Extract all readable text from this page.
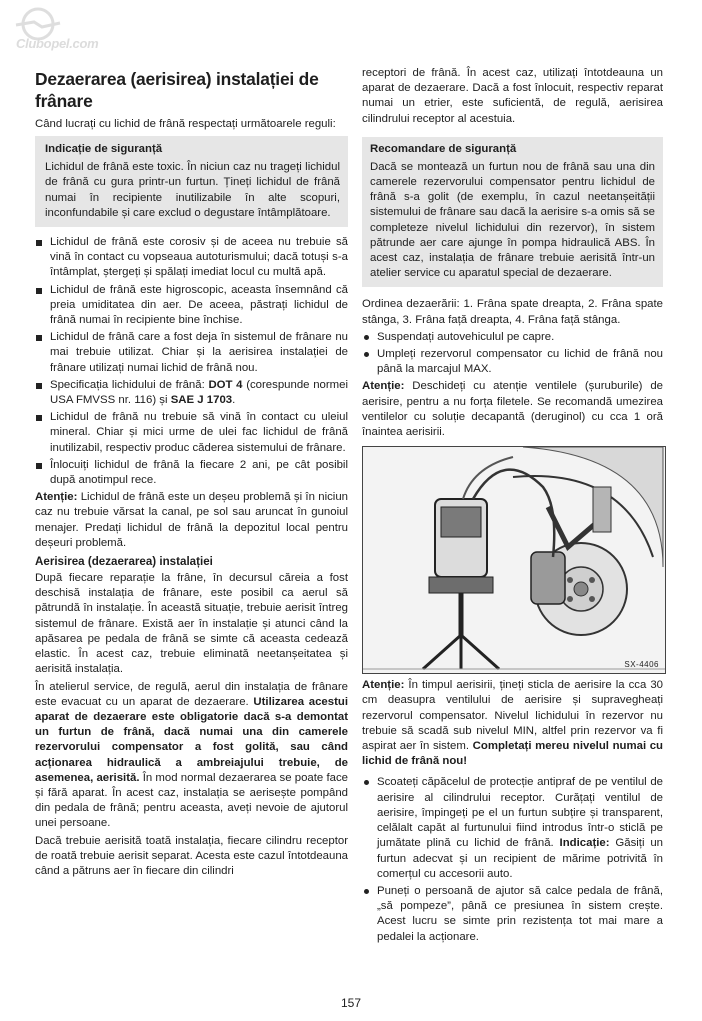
Clubopel.com
Dezaerarea (aerisirea) instalației de frânare

Când lucrați cu lichid de frână respectați următoarele reguli:

Indicație de siguranță

Lichidul de frână este toxic. În niciun caz nu trageți lichidul de frână cu gura printr-un furtun. Țineți lichidul de frână numai în recipiente inutilizabile în alte scopuri, inconfundabile și care exclud o degustare întâmplătoare.

Lichidul de frână este corosiv și de aceea nu trebuie să vină în contact cu vopseaua autoturismului; dacă totuși s-a întâmplat, ștergeți și spălați imediat locul cu multă apă.
Lichidul de frână este higroscopic, aceasta însemnând că preia umiditatea din aer. De aceea, păstrați lichidul de frână numai în recipiente bine închise.
Lichidul de frână care a fost deja în sistemul de frânare nu mai trebuie utilizat. Chiar și la aerisirea instalației de frânare utilizați numai lichid de frână nou.
Specificația lichidului de frână: DOT 4 (corespunde normei USA FMVSS nr. 116) și SAE J 1703.
Lichidul de frână nu trebuie să vină în contact cu uleiul mineral. Chiar și mici urme de ulei fac lichidul de frână inutilizabil, respectiv produc căderea sistemului de frânare.
Înlocuiți lichidul de frână la fiecare 2 ani, pe cât posibil după anotimpul rece.

Atenție: Lichidul de frână este un deșeu problemă și în niciun caz nu trebuie vărsat la canal, pe sol sau aruncat în gunoiul menajer. Predați lichidul de frână la depozitul local pentru deșeuri problemă.

Aerisirea (dezaerarea) instalației

După fiecare reparație la frâne, în decursul căreia a fost deschisă instalația de frânare, este posibil ca aerul să pătrundă în instalație. În această situație, trebuie aerisit întreg sistemul de frânare. Există aer în instalație și atunci când la apăsarea pe pedala de frână se simte că aceasta cedează elastic. În acest caz, trebuie eliminată neetanșeitatea și aerisită instalația.

În atelierul service, de regulă, aerul din instalația de frânare este evacuat cu un aparat de dezaerare. Utilizarea acestui aparat de dezaerare este obligatorie dacă s-a demontat un furtun de frână, dacă numai una din camerele rezervorului compensator a fost golită, sau când acționarea hidraulică a ambreiajului trebuie, de asemenea, aerisită. În mod normal dezaerarea se poate face și fără aparat. În acest caz, instalația se aerisește pompând din pedala de frână; pentru aceasta, aveți nevoie de ajutorul unei persoane.

Dacă trebuie aerisită toată instalația, fiecare cilindru receptor de roată trebuie aerisit separat. Acesta este cazul întotdeauna când a pătruns aer în fiecare din cilindri

receptori de frână. În acest caz, utilizați întotdeauna un aparat de dezaerare. Dacă a fost înlocuit, respectiv reparat numai un etrier, este suficientă, de regulă, aerisirea cilindrului receptor al acestuia.

Recomandare de siguranță

Dacă se montează un furtun nou de frână sau una din camerele rezervorului compensator pentru lichidul de frână s-a golit (de exemplu, în cazul neetanșeității sistemului de frânare sau dacă la aerisire s-a omis să se completeze nivelul lichidului din rezervor), în sistem pătrunde aer care ajunge în pompa hidraulică ABS. În acest caz, instalația de frânare trebuie aerisită într-un atelier service cu aparatul special de dezaerare.

Ordinea dezaerării: 1. Frâna spate dreapta, 2. Frâna spate stânga, 3. Frâna față dreapta, 4. Frâna față stânga.

Suspendați autovehiculul pe capre.
Umpleți rezervorul compensator cu lichid de frână nou până la marcajul MAX.

Atenție: Deschideți cu atenție ventilele (șuruburile) de aerisire, pentru a nu forța filetele. Se recomandă umezirea ventilelor cu soluție decapantă (deruginol) cu cca 1 oră înaintea aerisirii.

SX-4406

Atenție: În timpul aerisirii, țineți sticla de aerisire la cca 30 cm deasupra ventilului de aerisire și supravegheați rezervorul compensator. Nivelul lichidului în rezervor nu trebuie să scadă sub nivelul MIN, altfel prin rezervor va fi aspirat aer în sistem. Completați mereu nivelul numai cu lichid de frână nou!

Scoateți căpăcelul de protecție antipraf de pe ventilul de aerisire al cilindrului receptor. Curățați ventilul de aerisire, împingeți pe el un furtun subțire și transparent, celălalt capăt al furtunului fiind introdus într-o sticlă pe jumătate plină cu lichid de frână. Indicație: Găsiți un furtun adecvat și un recipient de mărime potrivită în comerțul cu accesorii auto.
Puneți o persoană de ajutor să calce pedala de frână, „să pompeze”, până ce presiunea în sistem crește. Acest lucru se simte prin rezistența tot mai mare a pedalei la acționare.
157
